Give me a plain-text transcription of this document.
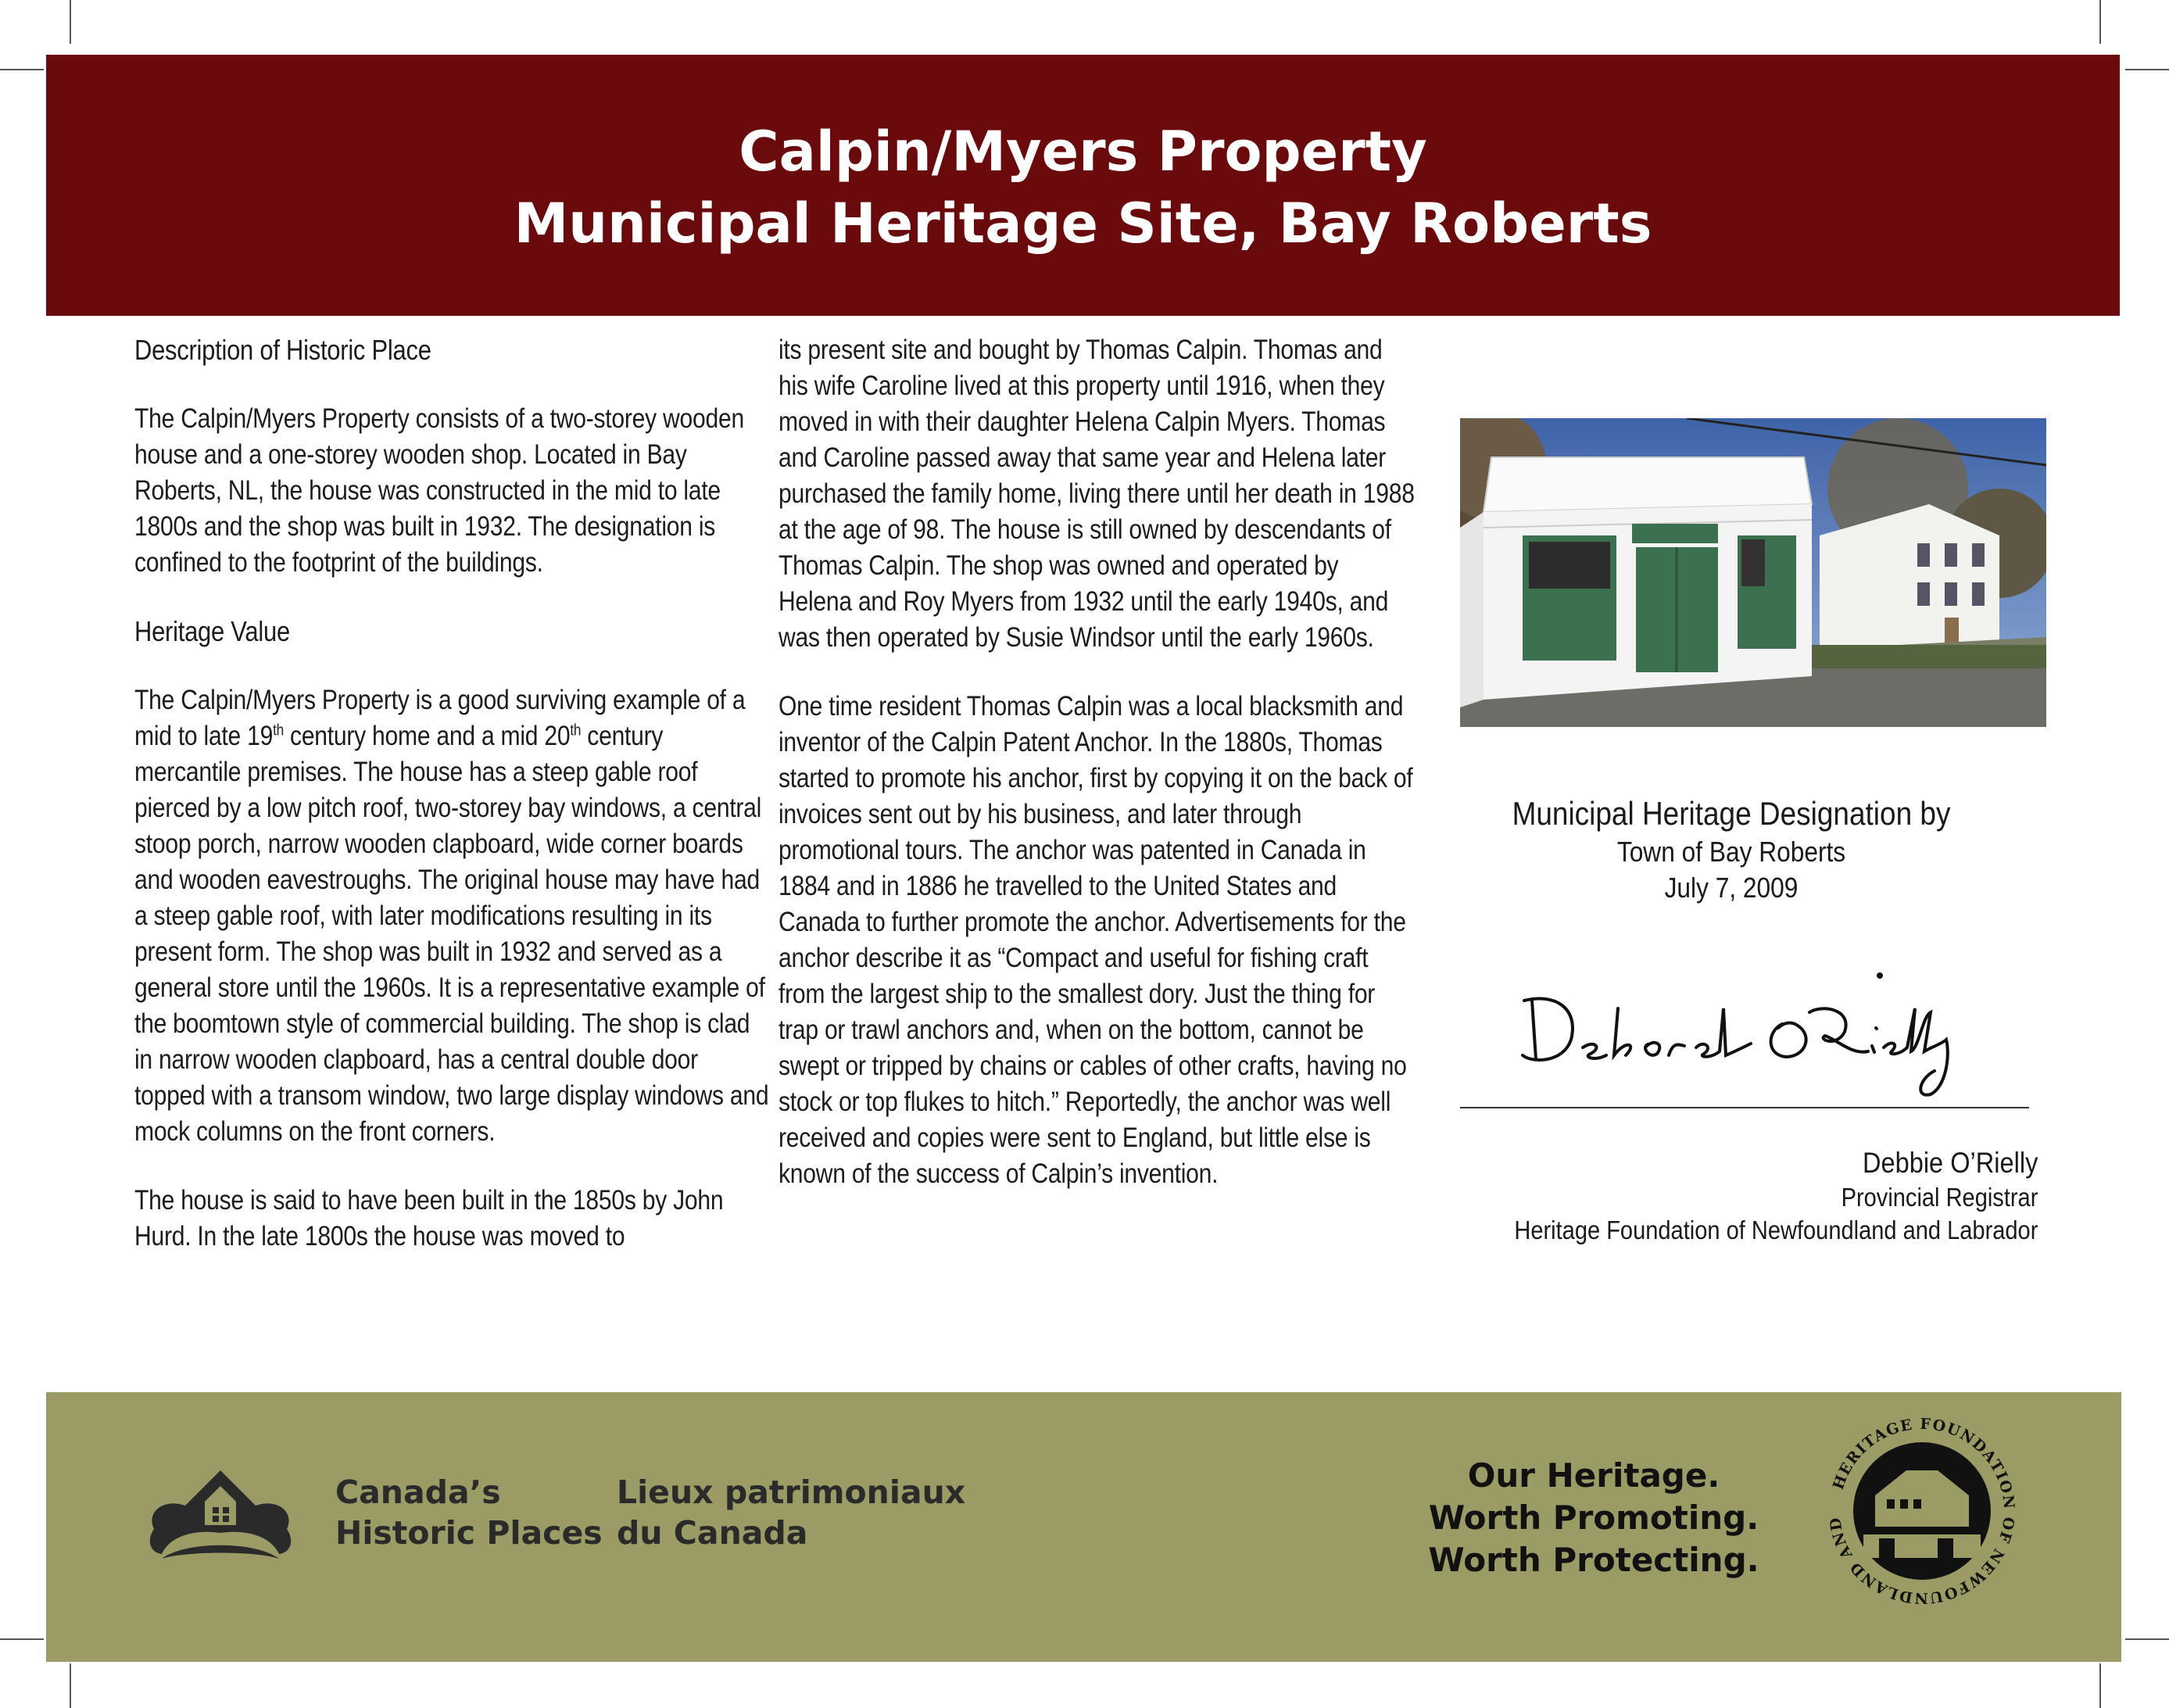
Calpin/Myers Property
Municipal Heritage Site, Bay Roberts
Description of Historic Place

The Calpin/Myers Property consists of a two-storey wooden house and a one-storey wooden shop. Located in Bay Roberts, NL, the house was constructed in the mid to late 1800s and the shop was built in 1932. The designation is confined to the footprint of the buildings.

Heritage Value

The Calpin/Myers Property is a good surviving example of a mid to late 19th century home and a mid 20th century mercantile premises. The house has a steep gable roof pierced by a low pitch roof, two-storey bay windows, a central stoop porch, narrow wooden clapboard, wide corner boards and wooden eavestroughs. The original house may have had a steep gable roof, with later modifications resulting in its present form. The shop was built in 1932 and served as a general store until the 1960s. It is a representative example of the boomtown style of commercial building. The shop is clad in narrow wooden clapboard, has a central double door topped with a transom window, two large display windows and mock columns on the front corners.

The house is said to have been built in the 1850s by John Hurd. In the late 1800s the house was moved to

its present site and bought by Thomas Calpin. Thomas and his wife Caroline lived at this property until 1916, when they moved in with their daughter Helena Calpin Myers. Thomas and Caroline passed away that same year and Helena later purchased the family home, living there until her death in 1988 at the age of 98. The house is still owned by descendants of Thomas Calpin. The shop was owned and operated by Helena and Roy Myers from 1932 until the early 1940s, and was then operated by Susie Windsor until the early 1960s.

One time resident Thomas Calpin was a local blacksmith and inventor of the Calpin Patent Anchor. In the 1880s, Thomas started to promote his anchor, first by copying it on the back of invoices sent out by his business, and later through promotional tours. The anchor was patented in Canada in 1884 and in 1886 he travelled to the United States and Canada to further promote the anchor. Advertisements for the anchor describe it as “Compact and useful for fishing craft from the largest ship to the smallest dory. Just the thing for trap or trawl anchors and, when on the bottom, cannot be swept or tripped by chains or cables of other crafts, having no stock or top flukes to hitch.” Reportedly, the anchor was well received and copies were sent to England, but little else is known of the success of Calpin’s invention.

Municipal Heritage Designation by
Town of Bay Roberts
July 7, 2009
Debbie O’Rielly
Provincial Registrar
Heritage Foundation of Newfoundland and Labrador
Canada’s
Historic Places
Lieux patrimoniaux
du Canada
Our Heritage.
Worth Promoting.
Worth Protecting.
HERITAGE FOUNDATION OF NEWFOUNDLAND AND
